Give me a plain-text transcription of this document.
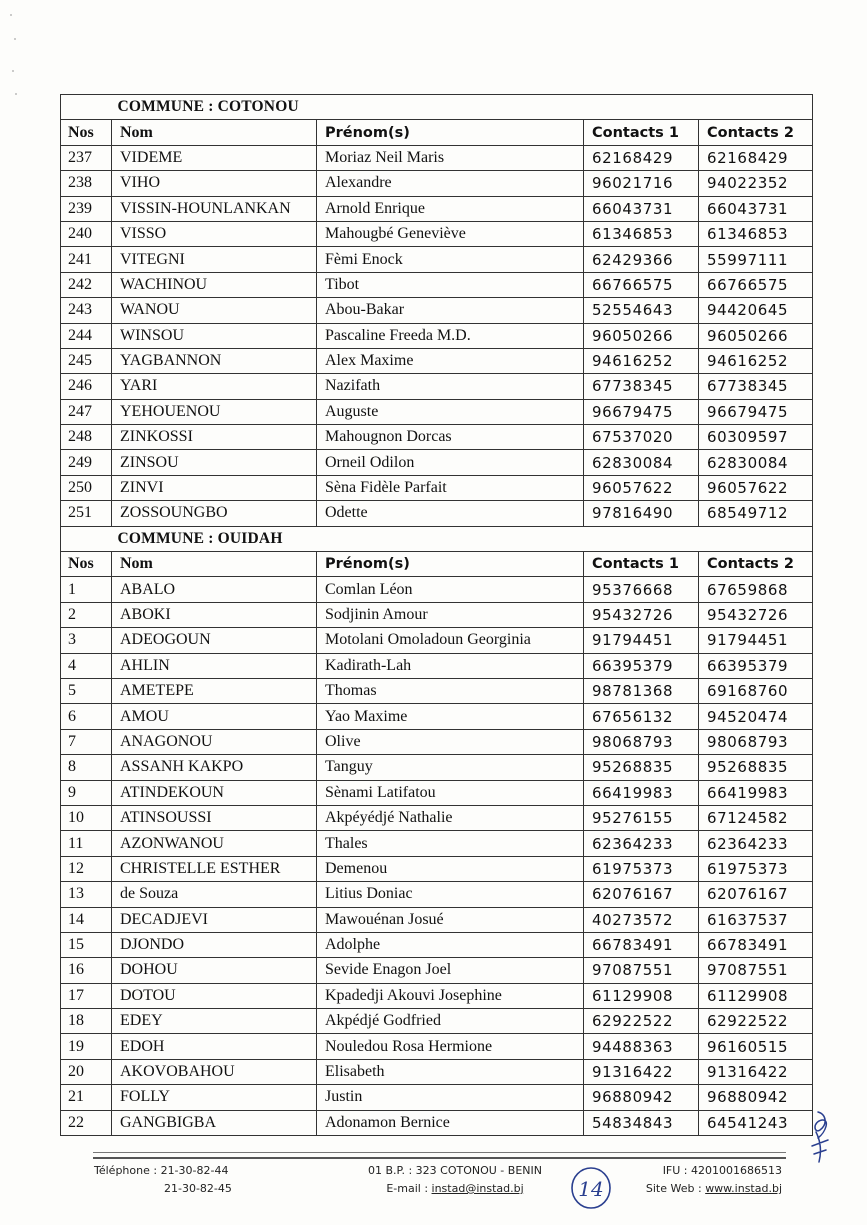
	COMMUNE : COTONOU			
Nos	Nom	Prénom(s)	Contacts 1	Contacts 2
237	VIDEME	Moriaz Neil Maris	62168429	62168429
238	VIHO	Alexandre	96021716	94022352
239	VISSIN-HOUNLANKAN	Arnold Enrique	66043731	66043731
240	VISSO	Mahougbé Geneviève	61346853	61346853
241	VITEGNI	Fèmi Enock	62429366	55997111
242	WACHINOU	Tibot	66766575	66766575
243	WANOU	Abou-Bakar	52554643	94420645
244	WINSOU	Pascaline Freeda M.D.	96050266	96050266
245	YAGBANNON	Alex Maxime	94616252	94616252
246	YARI	Nazifath	67738345	67738345
247	YEHOUENOU	Auguste	96679475	96679475
248	ZINKOSSI	Mahougnon Dorcas	67537020	60309597
249	ZINSOU	Orneil Odilon	62830084	62830084
250	ZINVI	Sèna Fidèle Parfait	96057622	96057622
251	ZOSSOUNGBO	Odette	97816490	68549712
	COMMUNE : OUIDAH			
Nos	Nom	Prénom(s)	Contacts 1	Contacts 2
1	ABALO	Comlan Léon	95376668	67659868
2	ABOKI	Sodjinin Amour	95432726	95432726
3	ADEOGOUN	Motolani Omoladoun Georginia	91794451	91794451
4	AHLIN	Kadirath-Lah	66395379	66395379
5	AMETEPE	Thomas	98781368	69168760
6	AMOU	Yao Maxime	67656132	94520474
7	ANAGONOU	Olive	98068793	98068793
8	ASSANH KAKPO	Tanguy	95268835	95268835
9	ATINDEKOUN	Sènami Latifatou	66419983	66419983
10	ATINSOUSSI	Akpéyédjé Nathalie	95276155	67124582
11	AZONWANOU	Thales	62364233	62364233
12	CHRISTELLE ESTHER	Demenou	61975373	61975373
13	de Souza	Litius Doniac	62076167	62076167
14	DECADJEVI	Mawouénan Josué	40273572	61637537
15	DJONDO	Adolphe	66783491	66783491
16	DOHOU	Sevide Enagon Joel	97087551	97087551
17	DOTOU	Kpadedji Akouvi Josephine	61129908	61129908
18	EDEY	Akpédjé Godfried	62922522	62922522
19	EDOH	Nouledou Rosa Hermione	94488363	96160515
20	AKOVOBAHOU	Elisabeth	91316422	91316422
21	FOLLY	Justin	96880942	96880942
22	GANGBIGBA	Adonamon Bernice	54834843	64541243
Téléphone : 21-30-82-44
21-30-82-45
01 B.P. : 323 COTONOU - BENIN
E-mail : instad@instad.bj	14
IFU : 4201001686513
Site Web : www.instad.bj
